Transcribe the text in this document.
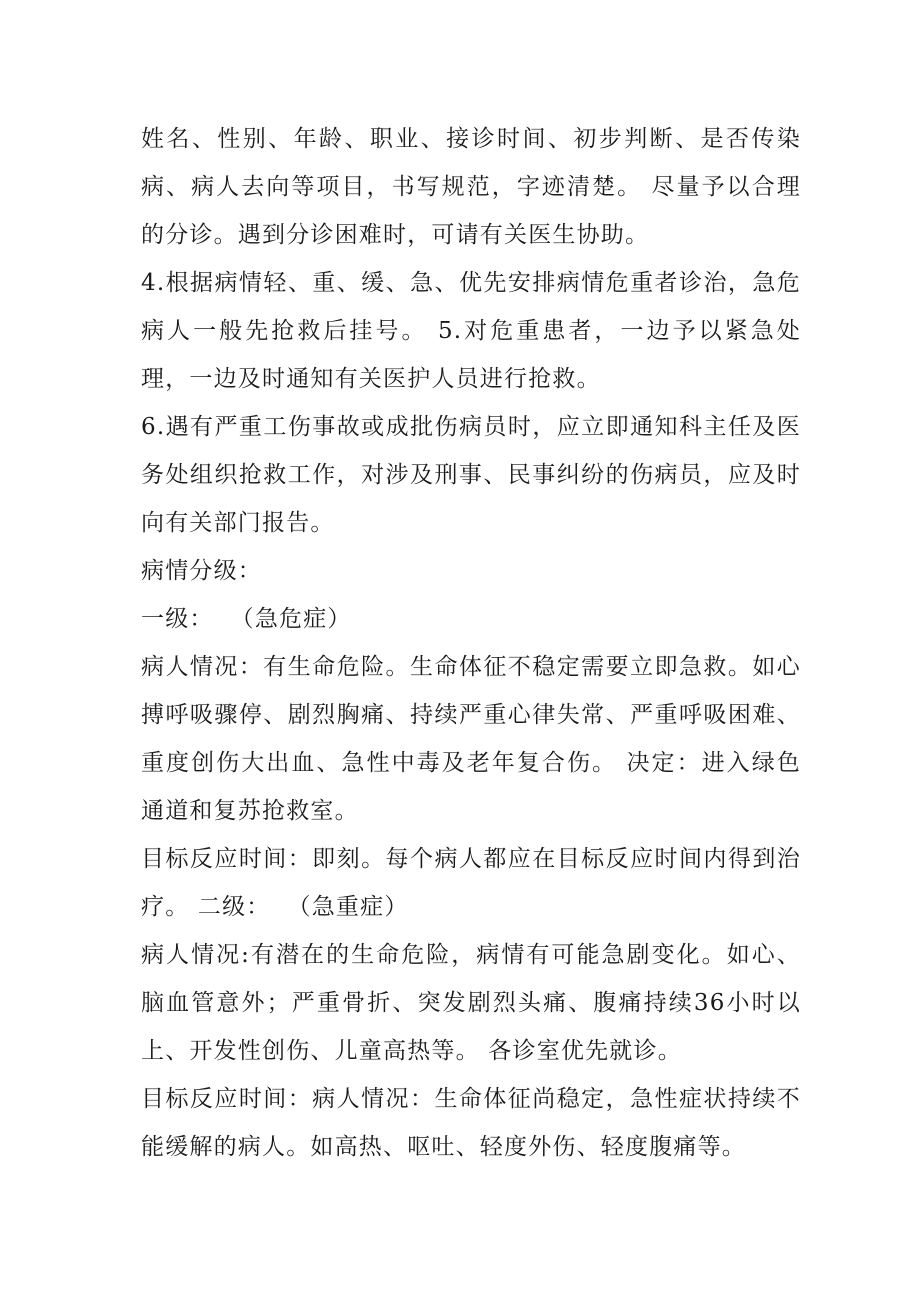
姓名、性别、年龄、职业、接诊时间、初步判断、是否传染病、病人去向等项目，书写规范，字迹清楚。 尽量予以合理的分诊。遇到分诊困难时，可请有关医生协助。

4.根据病情轻、重、缓、急、优先安排病情危重者诊治，急危病人一般先抢救后挂号。 5.对危重患者，一边予以紧急处理，一边及时通知有关医护人员进行抢救。

6.遇有严重工伤事故或成批伤病员时，应立即通知科主任及医务处组织抢救工作，对涉及刑事、民事纠纷的伤病员，应及时向有关部门报告。

病情分级：

一级：  （急危症）

病人情况：有生命危险。生命体征不稳定需要立即急救。如心搏呼吸骤停、剧烈胸痛、持续严重心律失常、严重呼吸困难、重度创伤大出血、急性中毒及老年复合伤。 决定：进入绿色通道和复苏抢救室。

目标反应时间：即刻。每个病人都应在目标反应时间内得到治疗。 二级：  （急重症）

病人情况:有潜在的生命危险，病情有可能急剧变化。如心、脑血管意外；严重骨折、突发剧烈头痛、腹痛持续36小时以上、开发性创伤、儿童高热等。 各诊室优先就诊。

目标反应时间：病人情况：生命体征尚稳定，急性症状持续不能缓解的病人。如高热、呕吐、轻度外伤、轻度腹痛等。
